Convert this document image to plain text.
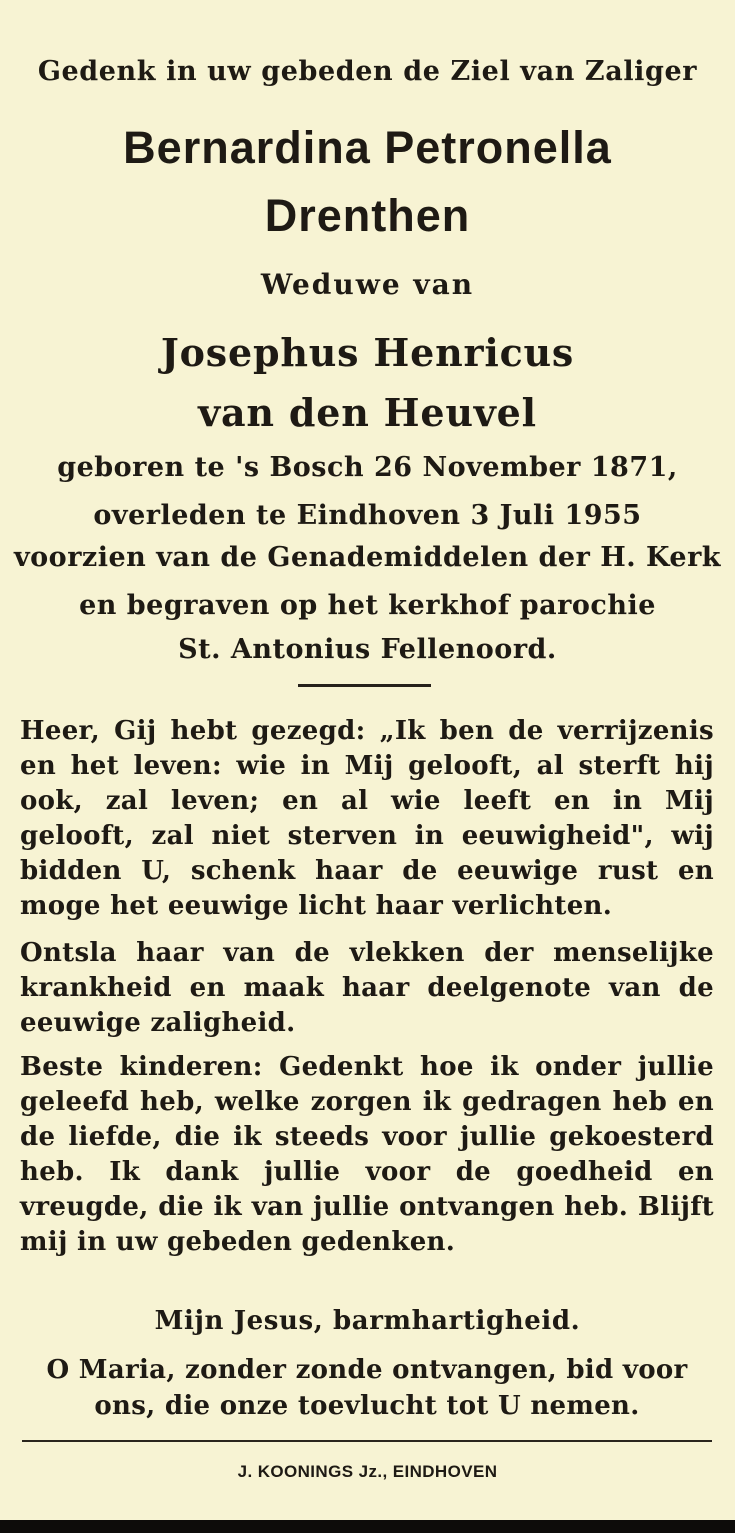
Gedenk in uw gebeden de Ziel van Zaliger

Bernardina Petronella

Drenthen

Weduwe van

Josephus Henricus

van den Heuvel

geboren te 's Bosch 26 November 1871,

overleden te Eindhoven 3 Juli 1955

voorzien van de Genademiddelen der H. Kerk

en begraven op het kerkhof parochie

St. Antonius Fellenoord.

Heer, Gij hebt gezegd: „Ik ben de verrijzenis en het leven: wie in Mij gelooft, al sterft hij ook, zal leven; en al wie leeft en in Mij gelooft, zal niet sterven in eeuwigheid", wij bidden U, schenk haar de eeuwige rust en moge het eeuwige licht haar verlichten.

Ontsla haar van de vlekken der menselijke krankheid en maak haar deelgenote van de eeuwige zaligheid.

Beste kinderen: Gedenkt hoe ik onder jullie geleefd heb, welke zorgen ik gedragen heb en de liefde, die ik steeds voor jullie gekoesterd heb. Ik dank jullie voor de goedheid en vreugde, die ik van jullie ontvangen heb. Blijft mij in uw gebeden gedenken.

Mijn Jesus, barmhartigheid.

O Maria, zonder zonde ontvangen, bid voor ons, die onze toevlucht tot U nemen.

J. KOONINGS Jz., EINDHOVEN
